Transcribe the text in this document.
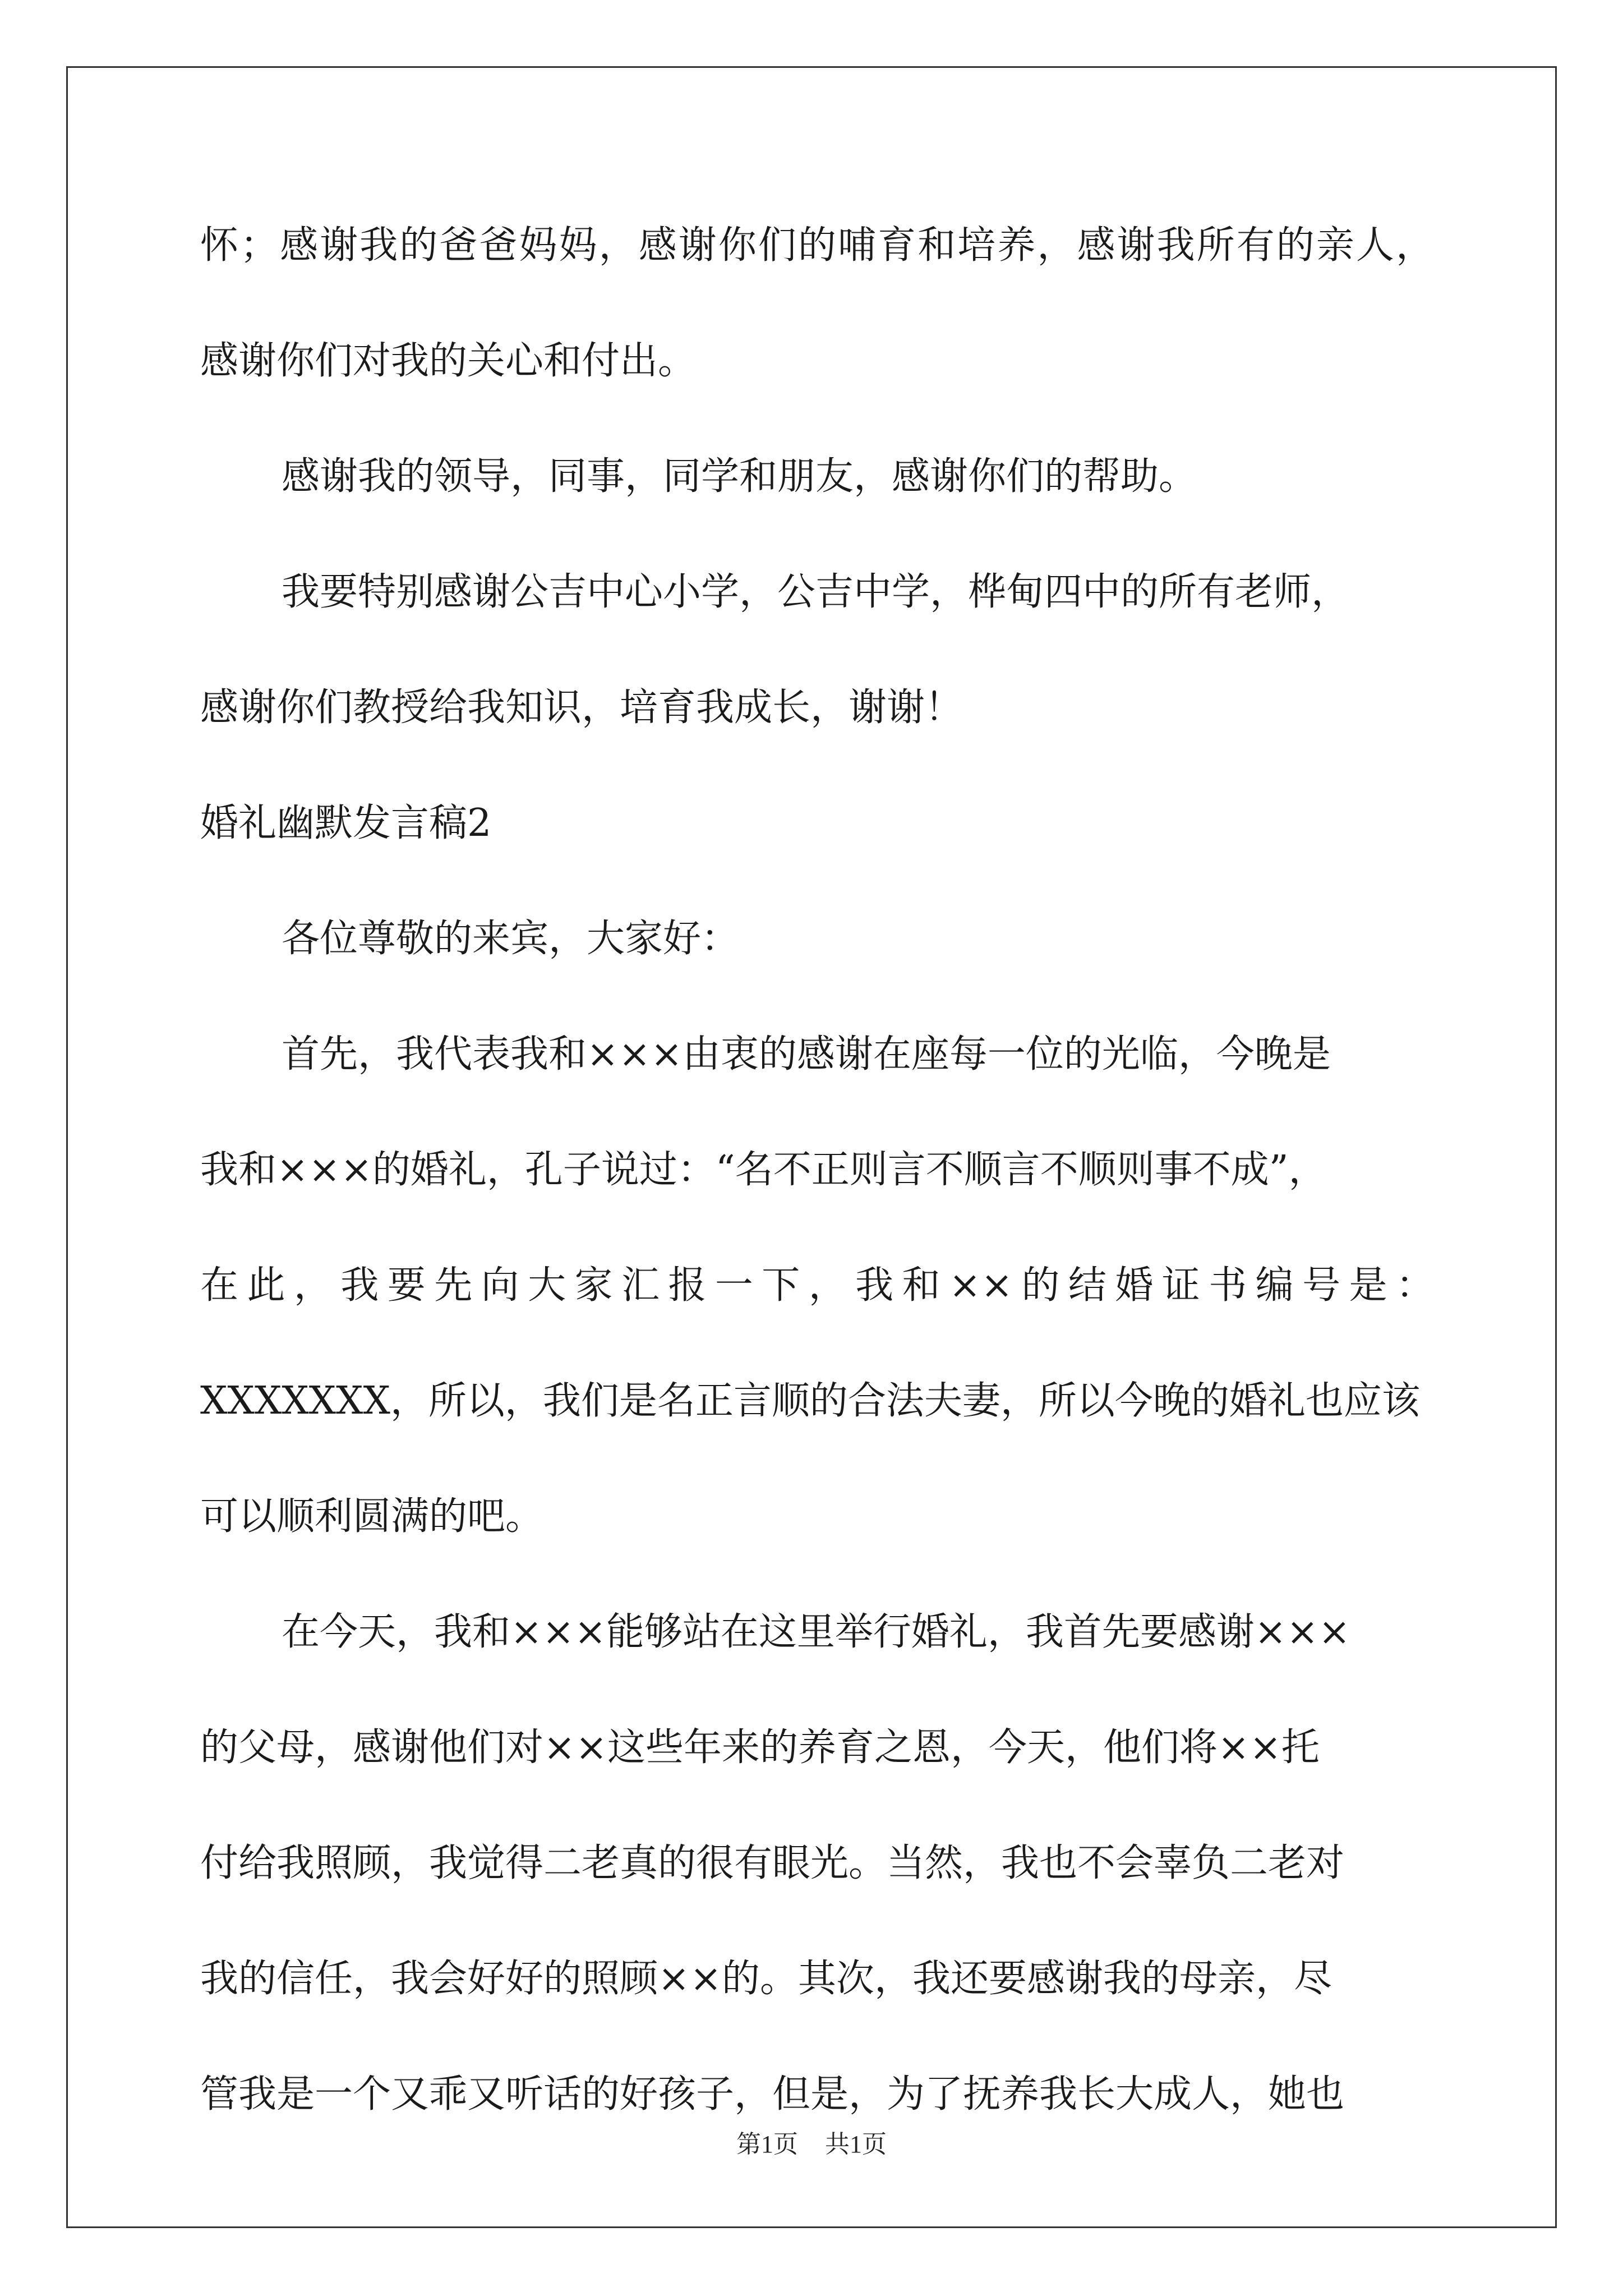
怀；感谢我的爸爸妈妈，感谢你们的哺育和培养，感谢我所有的亲人，

感谢你们对我的关心和付出。

感谢我的领导，同事，同学和朋友，感谢你们的帮助。

我要特别感谢公吉中心小学，公吉中学，桦甸四中的所有老师，

感谢你们教授给我知识，培育我成长，谢谢！

婚礼幽默发言稿2

各位尊敬的来宾，大家好：

首先，我代表我和×××由衷的感谢在座每一位的光临，今晚是

我和×××的婚礼，孔子说过：“名不正则言不顺言不顺则事不成”，

在此，我要先向大家汇报一下，我和××的结婚证书编号是：

XXXXXXX，所以，我们是名正言顺的合法夫妻，所以今晚的婚礼也应该

可以顺利圆满的吧。

在今天，我和×××能够站在这里举行婚礼，我首先要感谢×××

的父母，感谢他们对××这些年来的养育之恩，今天，他们将××托

付给我照顾，我觉得二老真的很有眼光。当然，我也不会辜负二老对

我的信任，我会好好的照顾××的。其次，我还要感谢我的母亲，尽

管我是一个又乖又听话的好孩子，但是，为了抚养我长大成人，她也

第1页 共1页
